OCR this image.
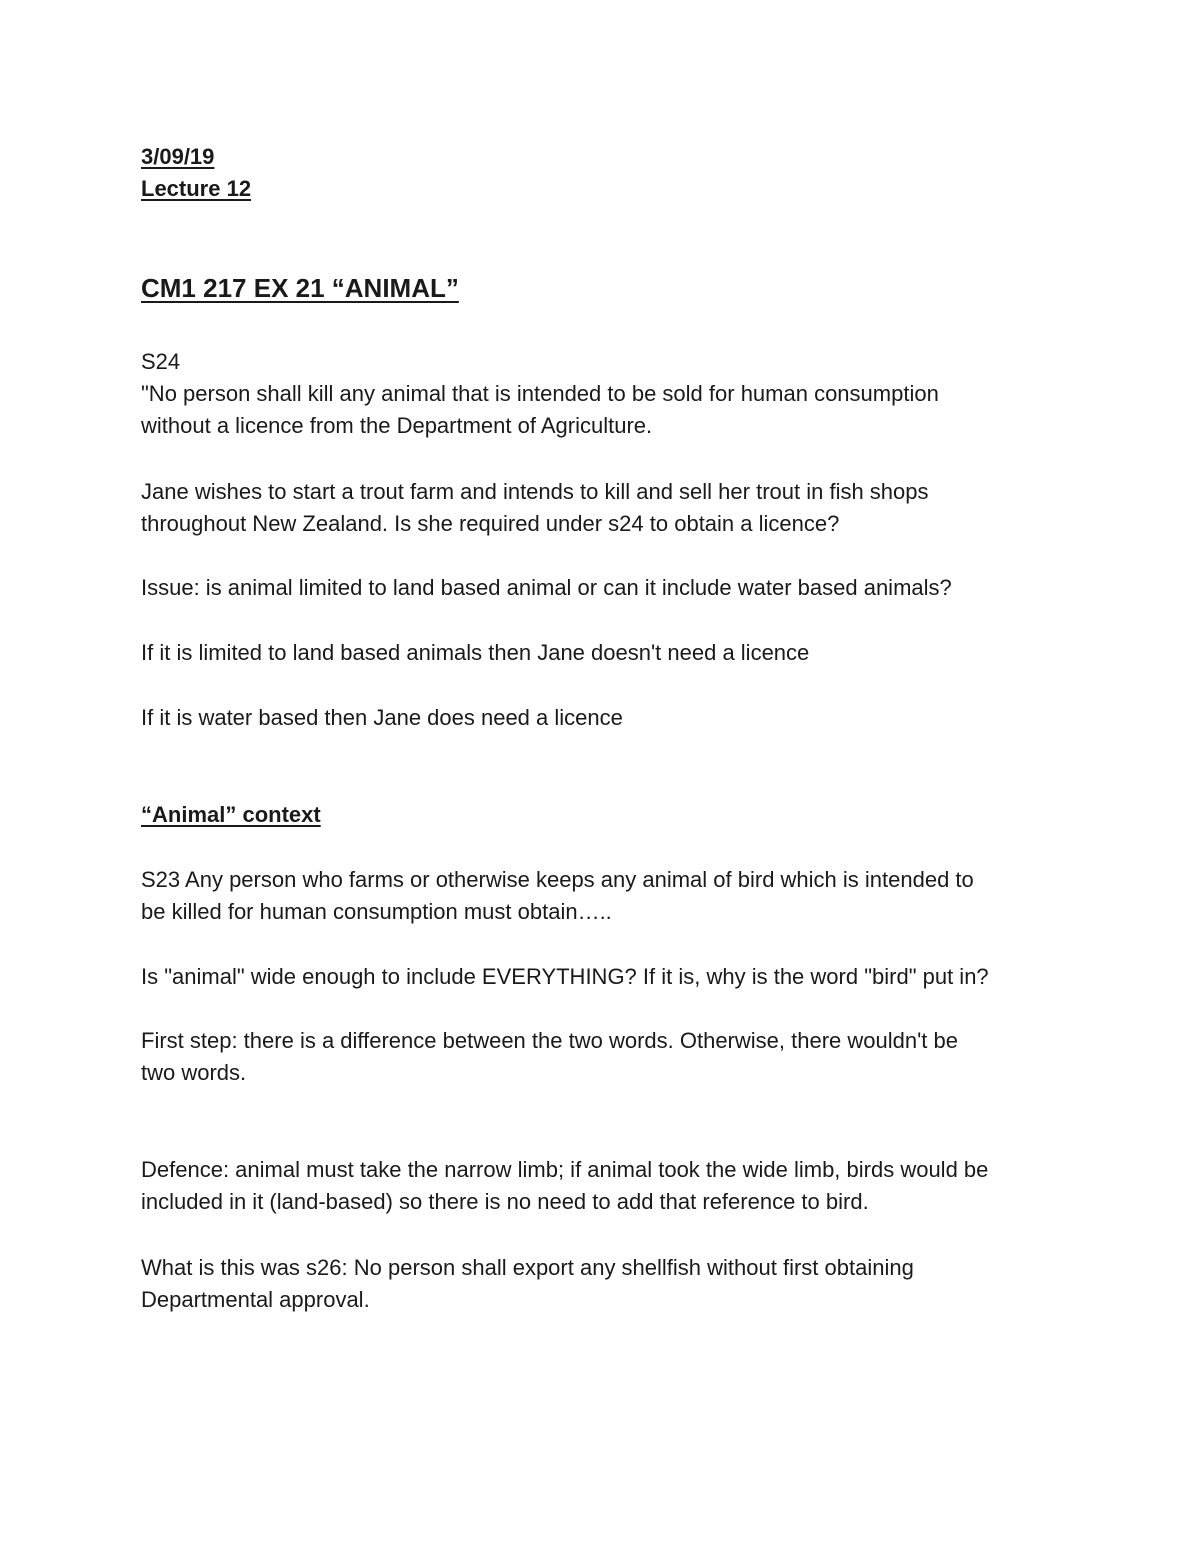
3/09/19

Lecture 12

CM1 217 EX 21 “ANIMAL”

S24

"No person shall kill any animal that is intended to be sold for human consumption

without a licence from the Department of Agriculture.

Jane wishes to start a trout farm and intends to kill and sell her trout in fish shops

throughout New Zealand. Is she required under s24 to obtain a licence?

Issue: is animal limited to land based animal or can it include water based animals?

If it is limited to land based animals then Jane doesn't need a licence

If it is water based then Jane does need a licence

“Animal” context

S23 Any person who farms or otherwise keeps any animal of bird which is intended to

be killed for human consumption must obtain…..

Is "animal" wide enough to include EVERYTHING? If it is, why is the word "bird" put in?

First step: there is a difference between the two words. Otherwise, there wouldn't be

two words.

Defence: animal must take the narrow limb; if animal took the wide limb, birds would be

included in it (land-based) so there is no need to add that reference to bird.

What is this was s26: No person shall export any shellfish without first obtaining

Departmental approval.
